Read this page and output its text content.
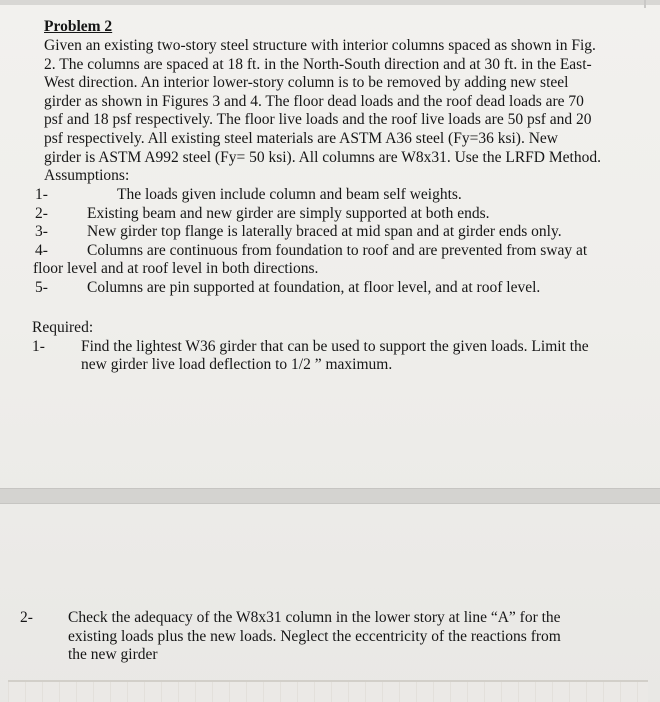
Problem 2
Given an existing two-story steel structure with interior columns spaced as shown in Fig.
2. The columns are spaced at 18 ft. in the North-South direction and at 30 ft. in the East-
West direction. An interior lower-story column is to be removed by adding new steel
girder as shown in Figures 3 and 4. The floor dead loads and the roof dead loads are 70
psf and 18 psf respectively. The floor live loads and the roof live loads are 50 psf and 20
psf respectively. All existing steel materials are ASTM A36 steel (Fy=36 ksi). New
girder is ASTM A992 steel (Fy= 50 ksi). All columns are W8x31. Use the LRFD Method.
Assumptions:
1-	The loads given include column and beam self weights.
2-	Existing beam and new girder are simply supported at both ends.
3-	New girder top flange is laterally braced at mid span and at girder ends only.
4-	Columns are continuous from foundation to roof and are prevented from sway at
floor level and at roof level in both directions.
5-	Columns are pin supported at foundation, at floor level, and at roof level.
Required:
1- Find the lightest W36 girder that can be used to support the given loads. Limit the
new girder live load deflection to 1/2 ” maximum.
2- Check the adequacy of the W8x31 column in the lower story at line “A” for the
existing loads plus the new loads. Neglect the eccentricity of the reactions from
the new girder
